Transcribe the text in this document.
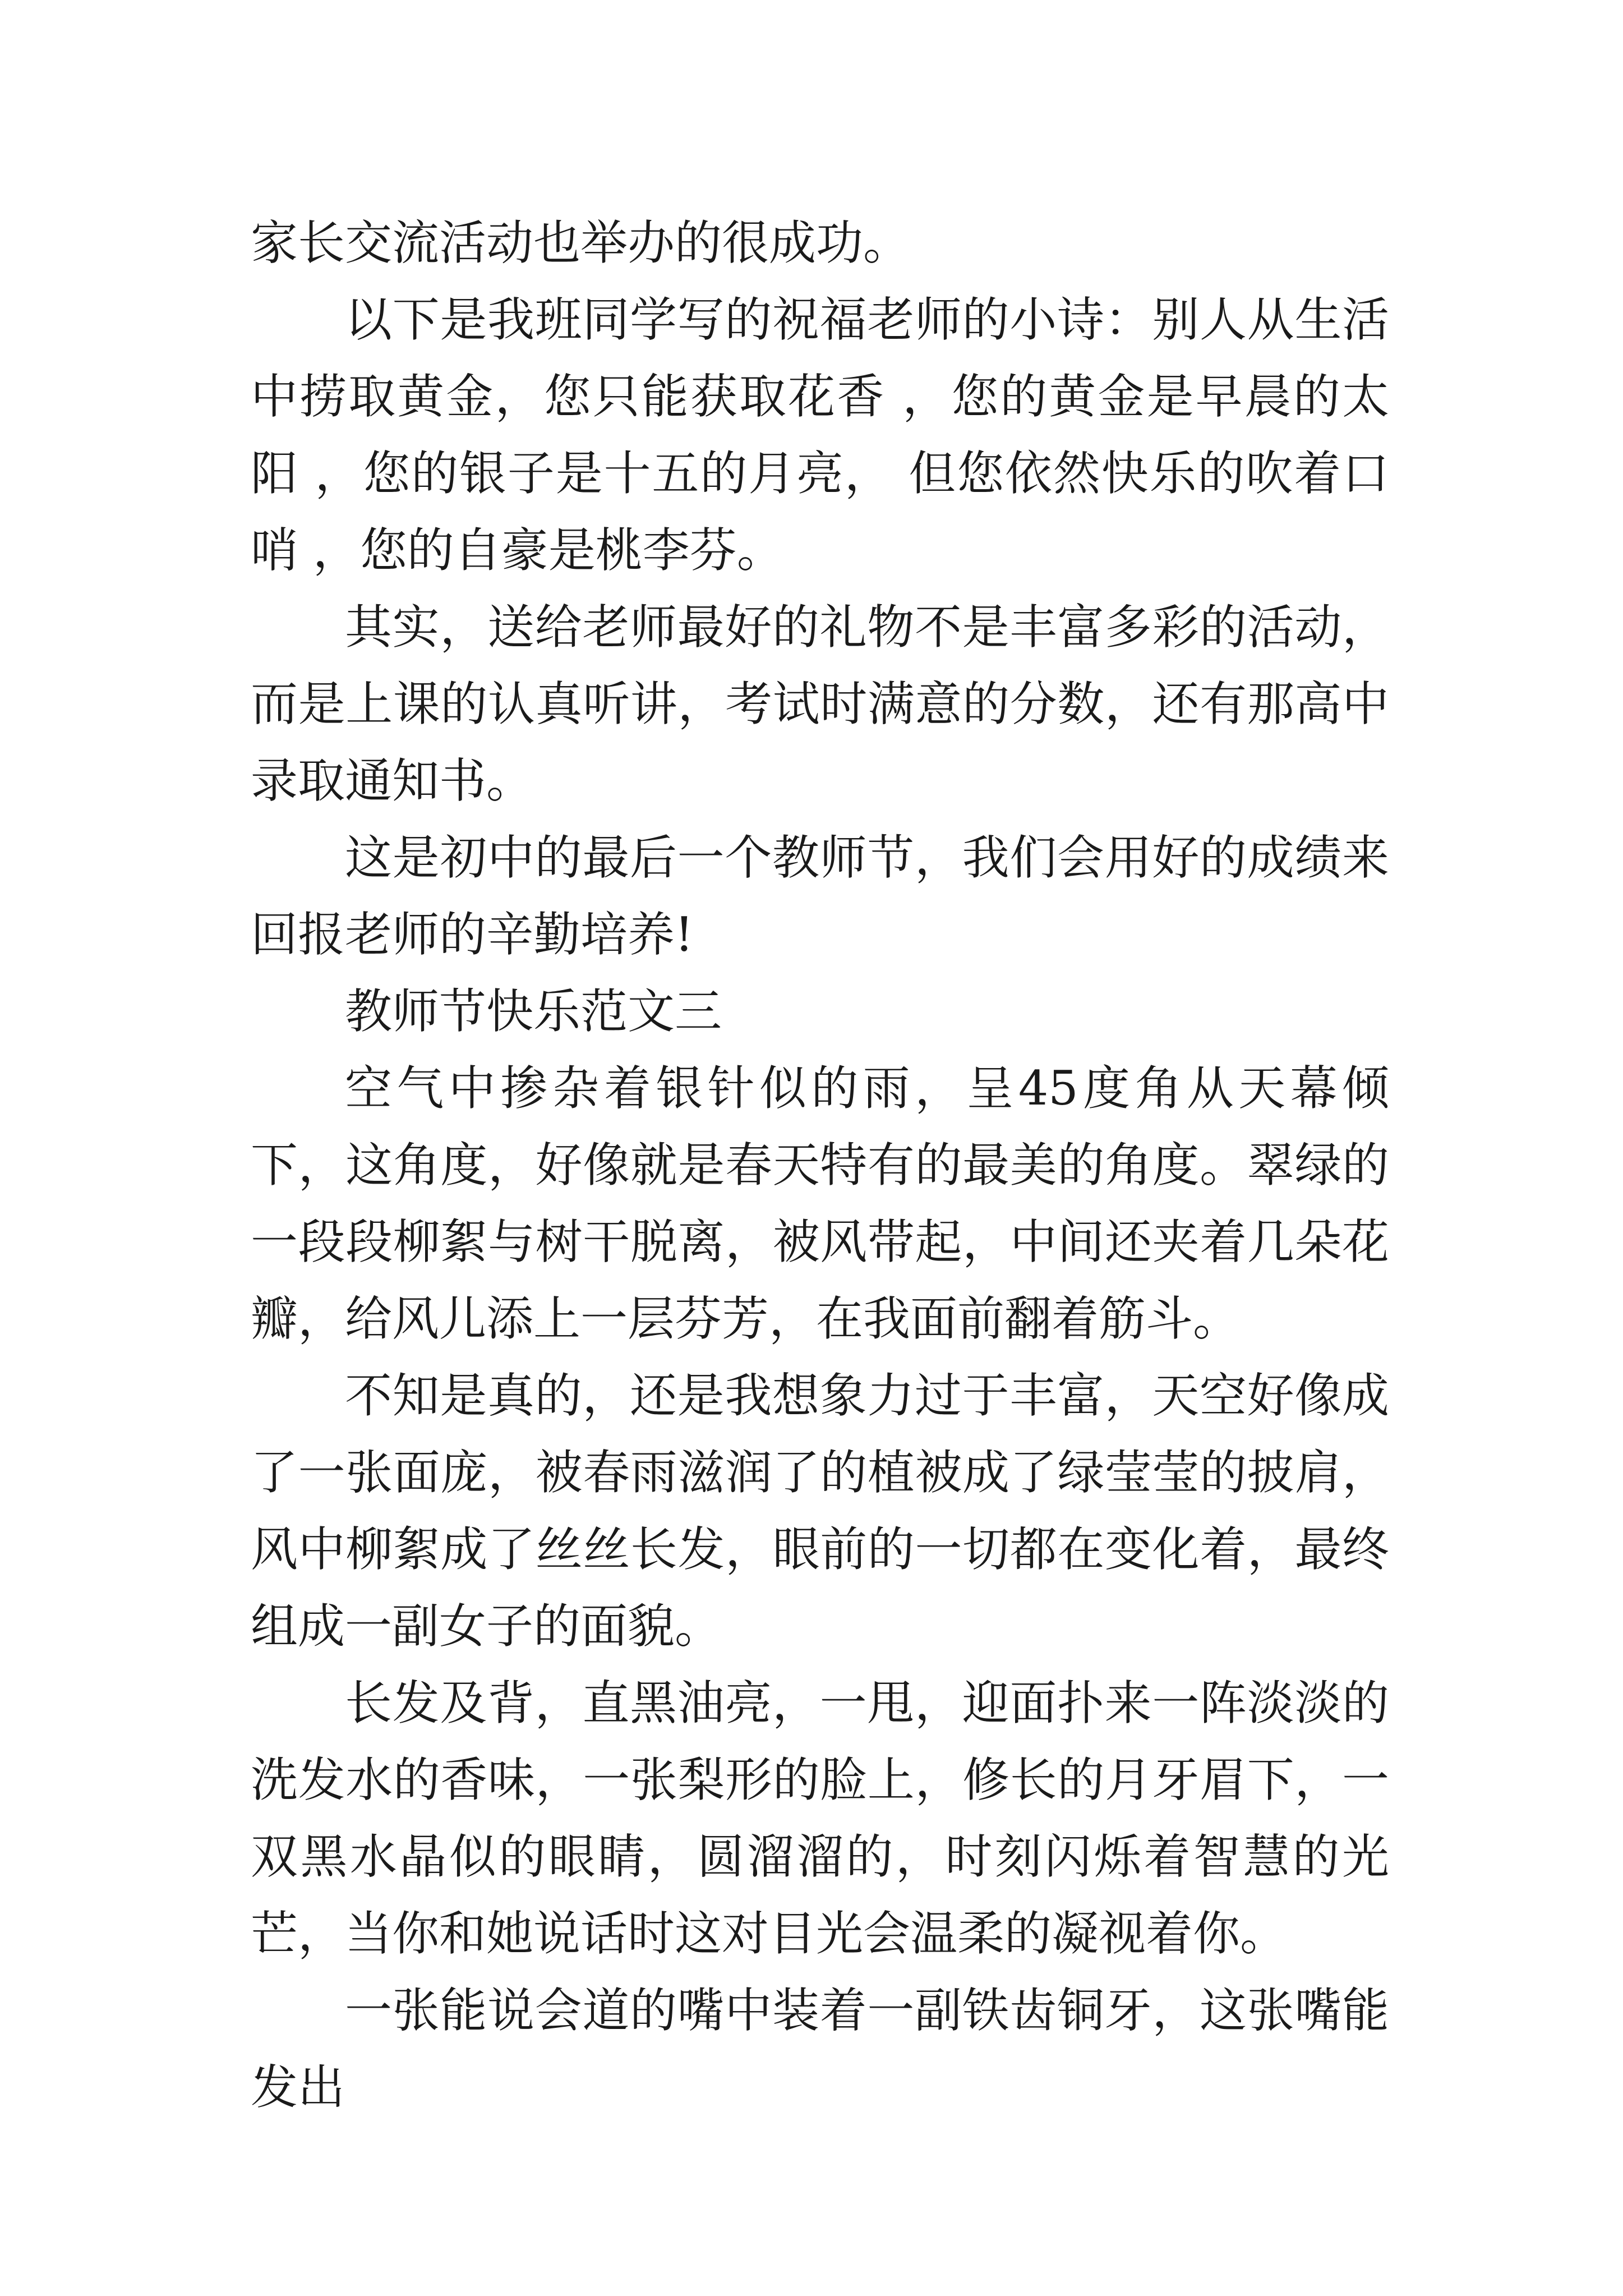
家长交流活动也举办的很成功。

以下是我班同学写的祝福老师的小诗：别人从生活中捞取黄金，您只能获取花香 ，您的黄金是早晨的太阳 ，您的银子是十五的月亮， 但您依然快乐的吹着口哨 ，您的自豪是桃李芬。

其实，送给老师最好的礼物不是丰富多彩的活动，而是上课的认真听讲，考试时满意的分数，还有那高中录取通知书。

这是初中的最后一个教师节，我们会用好的成绩来回报老师的辛勤培养!

教师节快乐范文三

空气中掺杂着银针似的雨，呈45度角从天幕倾下，这角度，好像就是春天特有的最美的角度。翠绿的一段段柳絮与树干脱离，被风带起，中间还夹着几朵花瓣，给风儿添上一层芬芳，在我面前翻着筋斗。

不知是真的，还是我想象力过于丰富，天空好像成了一张面庞，被春雨滋润了的植被成了绿莹莹的披肩，风中柳絮成了丝丝长发，眼前的一切都在变化着，最终组成一副女子的面貌。

长发及背，直黑油亮，一甩，迎面扑来一阵淡淡的洗发水的香味，一张梨形的脸上，修长的月牙眉下，一双黑水晶似的眼睛，圆溜溜的，时刻闪烁着智慧的光芒，当你和她说话时这对目光会温柔的凝视着你。

一张能说会道的嘴中装着一副铁齿铜牙，这张嘴能发出
